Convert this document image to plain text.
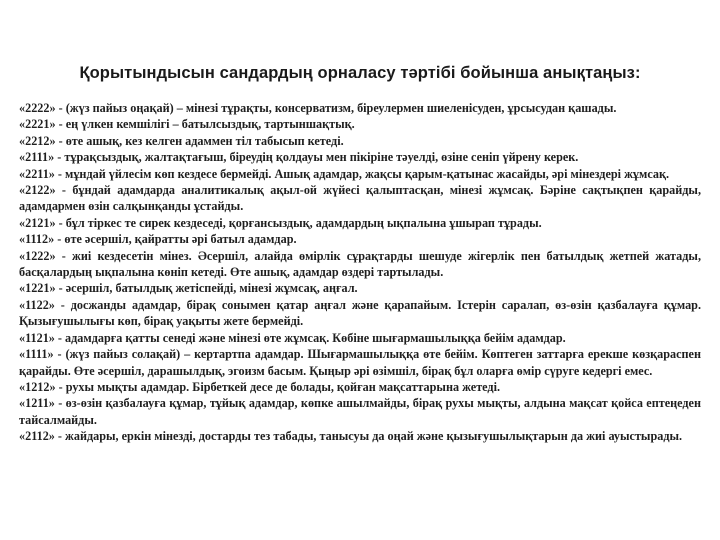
Қорытындысын сандардың орналасу тәртібі бойынша анықтаңыз:

«2222» - (жүз пайыз оңақай) – мінезі тұрақты, консерватизм, біреулермен шиеленісуден, ұрсысудан қашады.

«2221» - ең үлкен кемшілігі – батылсыздық, тартыншақтық.

«2212» - өте ашық, кез келген адаммен тіл табысып кетеді.

«2111» - тұрақсыздық, жалтақтағыш, біреудің қолдауы мен пікіріне тәуелді, өзіне сеніп үйрену керек.

«2211» - мұндай үйлесім көп кездесе бермейді. Ашық адамдар, жақсы қарым-қатынас жасайды, әрі мінездері жұмсақ.

«2122» - бұндай адамдарда аналитикалық ақыл-ой жүйесі қалыптасқан, мінезі жұмсақ. Бәріне сақтықпен қарайды, адамдармен өзін салқынқанды ұстайды.

«2121» - бұл тіркес те сирек кездеседі, қорғансыздық, адамдардың ықпалына ұшырап тұрады.

«1112» - өте әсершіл, қайратты әрі батыл адамдар.

«1222» - жиі кездесетін мінез. Әсершіл, алайда өмірлік сұрақтарды шешуде жігерлік пен батылдық жетпей жатады, басқалардың ықпалына көніп кетеді. Өте ашық, адамдар өздері тартылады.

«1221» - әсершіл, батылдық жетіспейді, мінезі жұмсақ, аңғал.

«1122» - досжанды адамдар, бірақ сонымен қатар аңғал және қарапайым. Істерін саралап, өз-өзін қазбалауға құмар. Қызығушылығы көп, бірақ уақыты жете бермейді.

«1121» - адамдарға қатты сенеді және мінезі өте жұмсақ. Көбіне шығармашылыққа бейім адамдар.

«1111» - (жүз пайыз солақай) – кертартпа адамдар. Шығармашылыққа өте бейім. Көптеген заттарға ерекше көзқараспен қарайды. Өте әсершіл, дарашылдық, эгоизм басым. Қыңыр әрі өзімшіл, бірақ бұл оларға өмір сүруге кедергі емес.

«1212» - рухы мықты адамдар. Бірбеткей десе де болады, қойған мақсаттарына жетеді.

«1211» - өз-өзін қазбалауға құмар, тұйық адамдар, көпке ашылмайды, бірақ рухы мықты, алдына мақсат қойса ептеңеден тайсалмайды.

«2112» - жайдары, еркін мінезді, достарды тез табады, танысуы да оңай және қызығушылықтарын да жиі ауыстырады.
